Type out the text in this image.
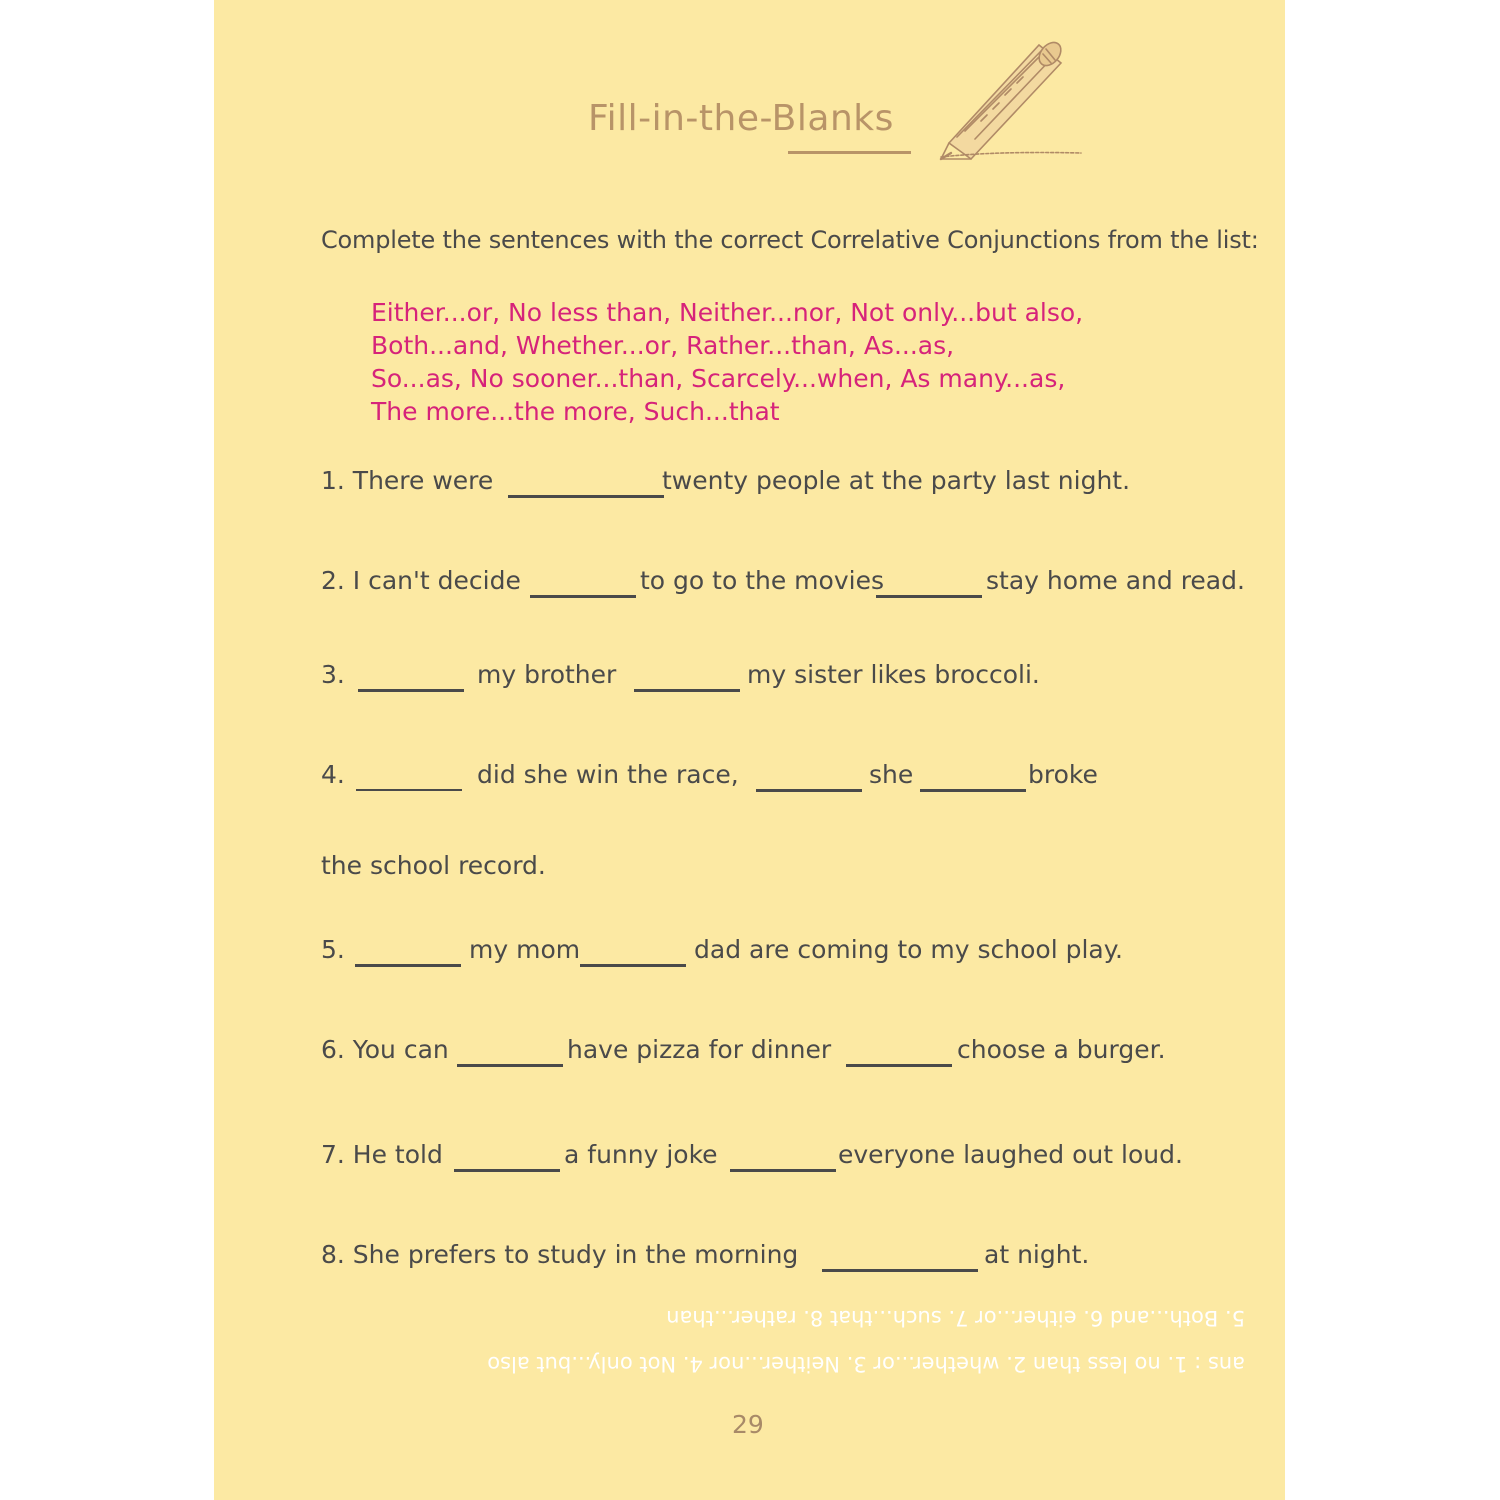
Fill-in-the-Blanks
Complete the sentences with the correct Correlative Conjunctions from the list:
Either...or, No less than, Neither...nor, Not only...but also,
Both...and, Whether...or, Rather...than, As...as,
So...as, No sooner...than, Scarcely...when, As many...as,
The more...the more, Such...that
1. There were	twenty people at the party last night.
2. I can't decide	to go to the movies	stay home and read.
3.	my brother	my sister likes broccoli.
4.	did she win the race,	she	broke
the school record.
5.	my mom	dad are coming to my school play.
6. You can	have pizza for dinner	choose a burger.
7. He told	a funny joke	everyone laughed out loud.
8. She prefers to study in the morning	at night.
ans : 1. no less than 2. whether...or 3. Neither...nor 4. Not only...but also
5. Both...and 6. either...or 7. such...that 8. rather...than
29
